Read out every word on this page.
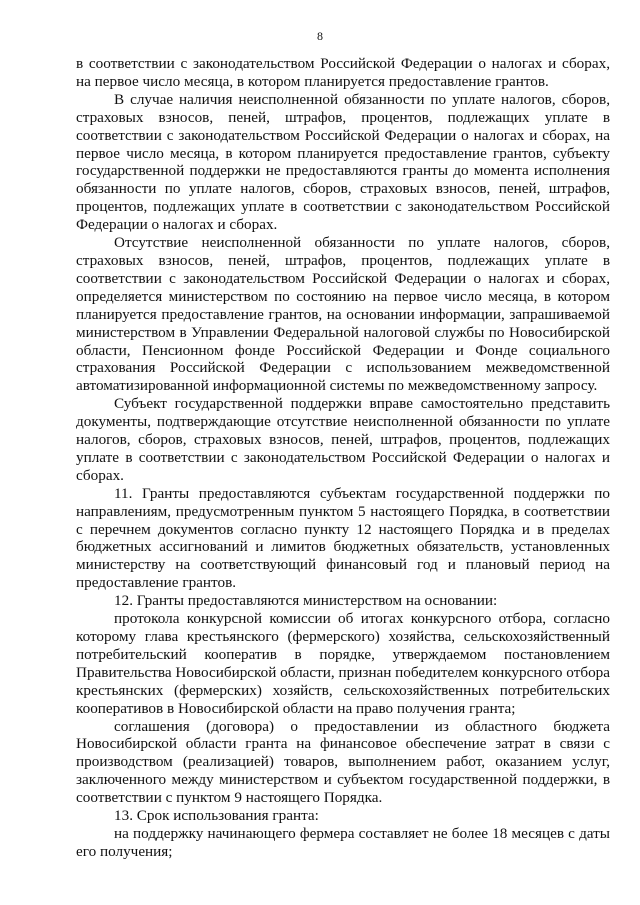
8

в соответствии с законодательством Российской Федерации о налогах и сборах, на первое число месяца, в котором планируется предоставление грантов.

В случае наличия неисполненной обязанности по уплате налогов, сборов, страховых взносов, пеней, штрафов, процентов, подлежащих уплате в соответствии с законодательством Российской Федерации о налогах и сборах, на первое число месяца, в котором планируется предоставление грантов, субъекту государственной поддержки не предоставляются гранты до момента исполнения обязанности по уплате налогов, сборов, страховых взносов, пеней, штрафов, процентов, подлежащих уплате в соответствии с законодательством Российской Федерации о налогах и сборах.

Отсутствие неисполненной обязанности по уплате налогов, сборов, страховых взносов, пеней, штрафов, процентов, подлежащих уплате в соответствии с законодательством Российской Федерации о налогах и сборах, определяется министерством по состоянию на первое число месяца, в котором планируется предоставление грантов, на основании информации, запрашиваемой министерством в Управлении Федеральной налоговой службы по Новосибирской области, Пенсионном фонде Российской Федерации и Фонде социального страхования Российской Федерации с использованием межведомственной автоматизированной информационной системы по межведомственному запросу.

Субъект государственной поддержки вправе самостоятельно представить документы, подтверждающие отсутствие неисполненной обязанности по уплате налогов, сборов, страховых взносов, пеней, штрафов, процентов, подлежащих уплате в соответствии с законодательством Российской Федерации о налогах и сборах.

11. Гранты предоставляются субъектам государственной поддержки по направлениям, предусмотренным пунктом 5 настоящего Порядка, в соответствии с перечнем документов согласно пункту 12 настоящего Порядка и в пределах бюджетных ассигнований и лимитов бюджетных обязательств, установленных министерству на соответствующий финансовый год и плановый период на предоставление грантов.

12. Гранты предоставляются министерством на основании:

протокола конкурсной комиссии об итогах конкурсного отбора, согласно которому глава крестьянского (фермерского) хозяйства, сельскохозяйственный потребительский кооператив в порядке, утверждаемом постановлением Правительства Новосибирской области, признан победителем конкурсного отбора крестьянских (фермерских) хозяйств, сельскохозяйственных потребительских кооперативов в Новосибирской области на право получения гранта;

соглашения (договора) о предоставлении из областного бюджета Новосибирской области гранта на финансовое обеспечение затрат в связи с производством (реализацией) товаров, выполнением работ, оказанием услуг, заключенного между министерством и субъектом государственной поддержки, в соответствии с пунктом 9 настоящего Порядка.

13. Срок использования гранта:

на поддержку начинающего фермера составляет не более 18 месяцев с даты его получения;
